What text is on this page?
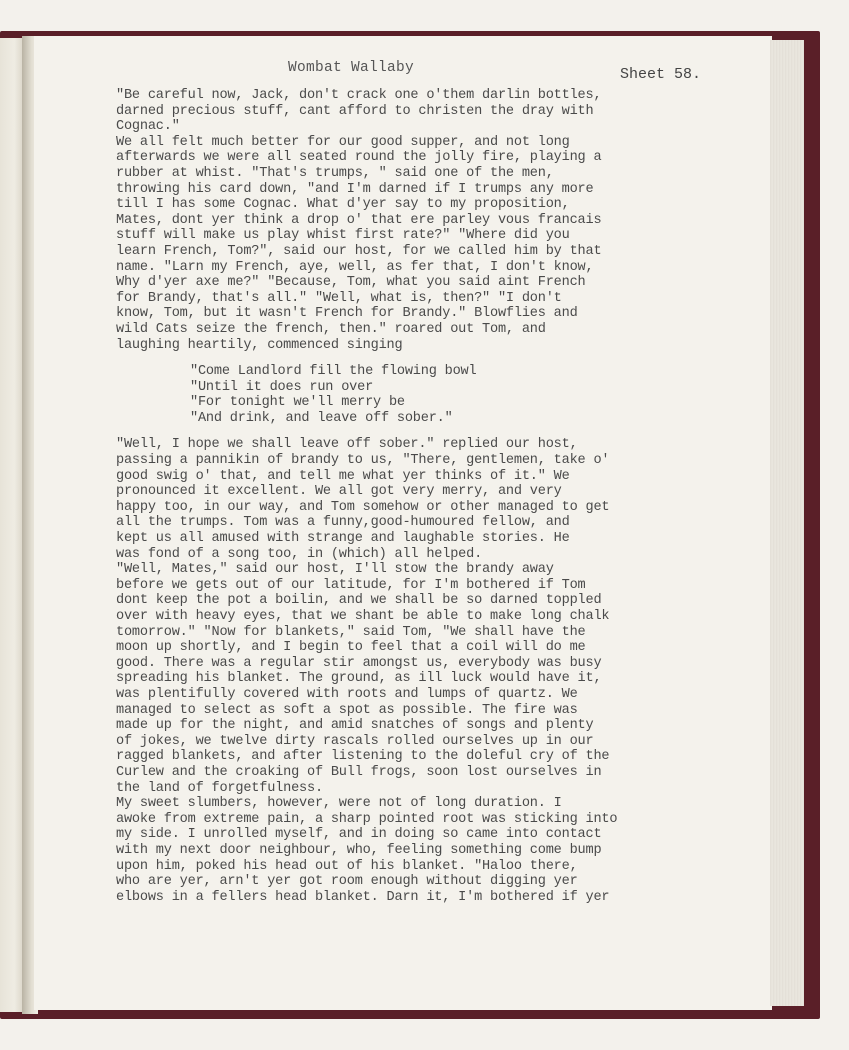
Wombat Wallaby	Sheet 58.
"Be careful now, Jack, don't crack one o'them darlin bottles,
darned precious stuff, cant afford to christen the dray with
Cognac."
We all felt much better for our good supper, and not long
afterwards we were all seated round the jolly fire, playing a
rubber at whist. "That's trumps, " said one of the men,
throwing his card down, "and I'm darned if I trumps any more
till I has some Cognac. What d'yer say to my proposition,
Mates, dont yer think a drop o' that ere parley vous francais
stuff will make us play whist first rate?" "Where did you
learn French, Tom?", said our host, for we called him by that
name. "Larn my French, aye, well, as fer that, I don't know,
Why d'yer axe me?" "Because, Tom, what you said aint French
for Brandy, that's all." "Well, what is, then?" "I don't
know, Tom, but it wasn't French for Brandy." Blowflies and
wild Cats seize the french, then." roared out Tom, and
laughing heartily, commenced singing
"Come Landlord fill the flowing bowl
"Until it does run over
"For tonight we'll merry be
"And drink, and leave off sober."
"Well, I hope we shall leave off sober." replied our host,
passing a pannikin of brandy to us, "There, gentlemen, take o'
good swig o' that, and tell me what yer thinks of it." We
pronounced it excellent. We all got very merry, and very
happy too, in our way, and Tom somehow or other managed to get
all the trumps. Tom was a funny,good-humoured fellow, and
kept us all amused with strange and laughable stories. He
was fond of a song too, in (which) all helped.
"Well, Mates," said our host, I'll stow the brandy away
before we gets out of our latitude, for I'm bothered if Tom
dont keep the pot a boilin, and we shall be so darned toppled
over with heavy eyes, that we shant be able to make long chalk
tomorrow." "Now for blankets," said Tom, "We shall have the
moon up shortly, and I begin to feel that a coil will do me
good. There was a regular stir amongst us, everybody was busy
spreading his blanket. The ground, as ill luck would have it,
was plentifully covered with roots and lumps of quartz. We
managed to select as soft a spot as possible. The fire was
made up for the night, and amid snatches of songs and plenty
of jokes, we twelve dirty rascals rolled ourselves up in our
ragged blankets, and after listening to the doleful cry of the
Curlew and the croaking of Bull frogs, soon lost ourselves in
the land of forgetfulness.
My sweet slumbers, however, were not of long duration. I
awoke from extreme pain, a sharp pointed root was sticking into
my side. I unrolled myself, and in doing so came into contact
with my next door neighbour, who, feeling something come bump
upon him, poked his head out of his blanket. "Haloo there,
who are yer, arn't yer got room enough without digging yer
elbows in a fellers head blanket. Darn it, I'm bothered if yer
